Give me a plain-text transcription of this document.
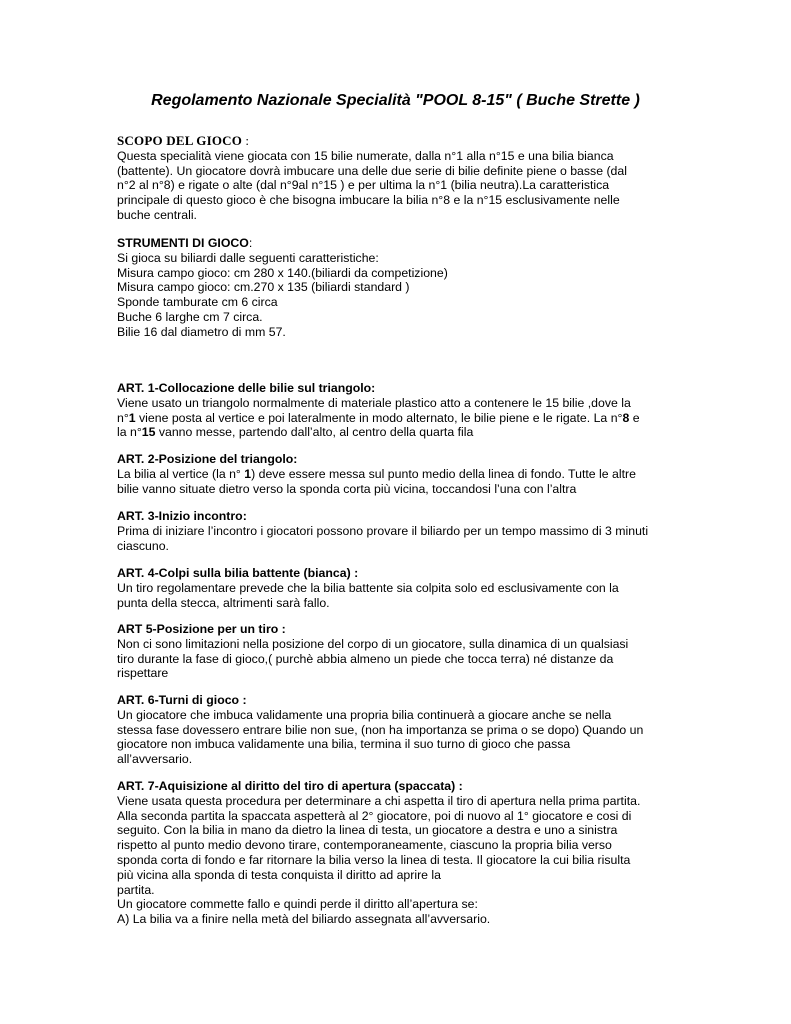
Regolamento Nazionale Specialità "POOL 8-15" ( Buche Strette )
SCOPO DEL GIOCO :
Questa specialità viene giocata con 15 bilie numerate, dalla n°1 alla n°15 e una bilia bianca
(battente). Un giocatore dovrà imbucare una delle due serie di bilie definite piene o basse (dal
n°2 al n°8) e rigate o alte (dal n°9al n°15 ) e per ultima la n°1 (bilia neutra).La caratteristica
principale di questo gioco è che bisogna imbucare la bilia n°8 e la n°15 esclusivamente nelle
buche centrali.
STRUMENTI DI GIOCO:
Si gioca su biliardi dalle seguenti caratteristiche:
Misura campo gioco: cm 280 x 140.(biliardi da competizione)
Misura campo gioco: cm.270 x 135 (biliardi standard )
Sponde tamburate cm 6 circa
Buche 6 larghe cm 7 circa.
Bilie 16 dal diametro di mm 57.
ART. 1-Collocazione delle bilie sul triangolo:
Viene usato un triangolo normalmente di materiale plastico atto a contenere le 15 bilie ,dove la
n°1 viene posta al vertice e poi lateralmente in modo alternato, le bilie piene e le rigate. La n°8 e
la n°15 vanno messe, partendo dall’alto, al centro della quarta fila
ART. 2-Posizione del triangolo:
La bilia al vertice (la n° 1) deve essere messa sul punto medio della linea di fondo. Tutte le altre
bilie vanno situate dietro verso la sponda corta più vicina, toccandosi l’una con l’altra
ART. 3-Inizio incontro:
Prima di iniziare l’incontro i giocatori possono provare il biliardo per un tempo massimo di 3 minuti
ciascuno.
ART. 4-Colpi sulla bilia battente (bianca) :
Un tiro regolamentare prevede che la bilia battente sia colpita solo ed esclusivamente con la
punta della stecca, altrimenti sarà fallo.
ART 5-Posizione per un tiro :
Non ci sono limitazioni nella posizione del corpo di un giocatore, sulla dinamica di un qualsiasi
tiro durante la fase di gioco,( purchè abbia almeno un piede che tocca terra) né distanze da
rispettare
ART. 6-Turni di gioco :
Un giocatore che imbuca validamente una propria bilia continuerà a giocare anche se nella
stessa fase dovessero entrare bilie non sue, (non ha importanza se prima o se dopo) Quando un
giocatore non imbuca validamente una bilia, termina il suo turno di gioco che passa
all’avversario.
ART. 7-Aquisizione al diritto del tiro di apertura (spaccata) :
Viene usata questa procedura per determinare a chi aspetta il tiro di apertura nella prima partita.
Alla seconda partita la spaccata aspetterà al 2° giocatore, poi di nuovo al 1° giocatore e cosi di
seguito. Con la bilia in mano da dietro la linea di testa, un giocatore a destra e uno a sinistra
rispetto al punto medio devono tirare, contemporaneamente, ciascuno la propria bilia verso
sponda corta di fondo e far ritornare la bilia verso la linea di testa. Il giocatore la cui bilia risulta
più vicina alla sponda di testa conquista il diritto ad aprire la
partita.
Un giocatore commette fallo e quindi perde il diritto all’apertura se:
A) La bilia va a finire nella metà del biliardo assegnata all’avversario.
